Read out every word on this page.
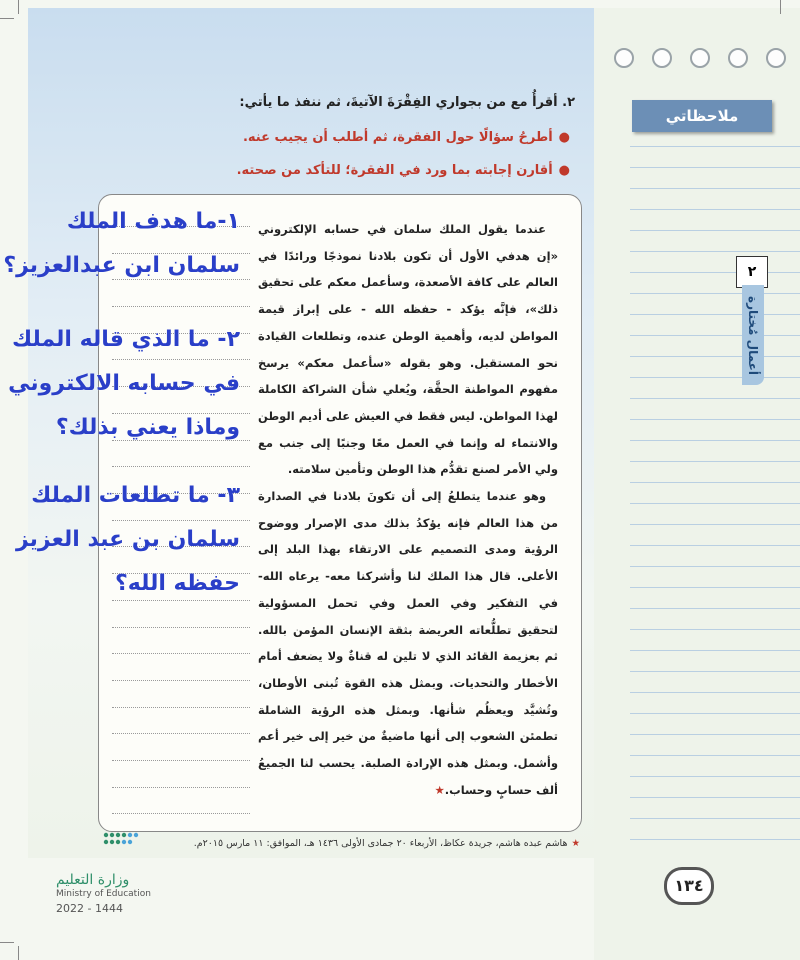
ملاحظاتي
٢
أعمال مُختارة
٢. أقرأُ مع من بجواري الفِقْرَةَ الآتيةَ، ثم ننفذ ما يأتي:
●أطرحُ سؤالًا حول الفقرة، ثم أطلب أن يجيب عنه.
●أقارن إجابته بما ورد في الفقرة؛ للتأكد من صحته.

عندما يقول الملك سلمان في حسابه الإلكتروني «إن هدفي الأول أن تكون بلادنا نموذجًا ورائدًا في العالم على كافة الأصعدة، وسأعمل معكم على تحقيق ذلك»، فإنَّه يؤكد - حفظه الله - على إبراز قيمة المواطن لديه، وأهمية الوطن عنده، وتطلعات القيادة نحو المستقبل. وهو بقوله «سأعمل معكم» يرسخ مفهوم المواطنة الحقَّة، ويُعلي شأن الشراكة الكاملة لهذا المواطن. ليس فقط في العيش على أديم الوطن والانتماء له وإنما في العمل معًا وجنبًا إلى جنب مع ولي الأمر لصنع تقدُّم هذا الوطن وتأمين سلامته.

وهو عندما يتطلعُ إلى أن تكونَ بلادنا في الصدارة من هذا العالم فإنه يؤكدُ بذلك مدى الإصرار ووضوح الرؤية ومدى التصميم على الارتقاء بهذا البلد إلى الأعلى. قال هذا الملك لنا وأشركنا معه- يرعاه الله- في التفكير وفي العمل وفي تحمل المسؤولية لتحقيق تطلُّعاته العريضة بثقة الإنسان المؤمن بالله. ثم بعزيمة القائد الذي لا تلين له قناةٌ ولا يضعف أمام الأخطار والتحديات. وبمثل هذه القوة تُبنى الأوطان، وتُشيَّد ويعظُم شأنها. وبمثل هذه الرؤية الشاملة تطمئن الشعوب إلى أنها ماضيةٌ من خير إلى خير أعم وأشمل. وبمثل هذه الإرادة الصلبة. يحسب لنا الجميعُ ألف حسابٍ وحساب.★

١-ما هدف الملك
سلمان ابن عبدالعزيز؟
٢- ما الذي قاله الملك
في حسابه الالكتروني
وماذا يعني بذلك؟
٣- ما تطلعات الملك
سلمان بن عبد العزيز
حفظه الله؟
★هاشم عبده هاشم، جريدة عكاظ، الأربعاء ٢٠ جمادى الأولى ١٤٣٦ هـ، الموافق: ١١ مارس ٢٠١٥م.
وزارة التعليم
Ministry of Education
2022 - 1444
١٣٤
